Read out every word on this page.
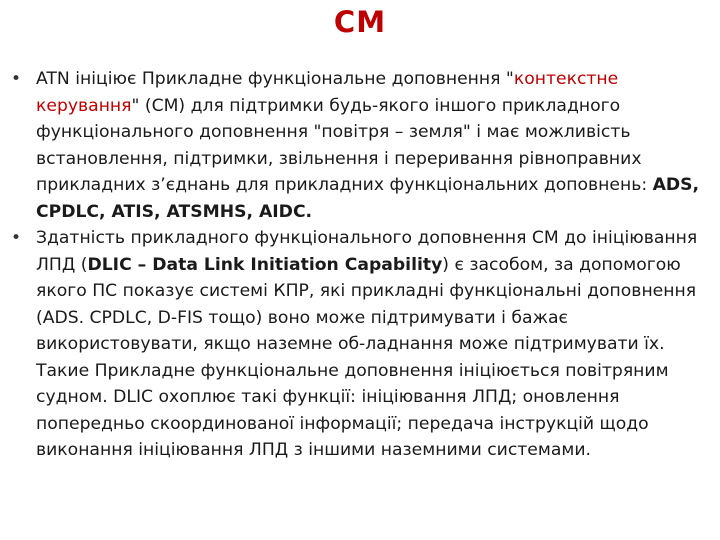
CM
• ATN ініціює Прикладне функціональне доповнення "контекстне керування" (CM) для підтримки будь-якого іншого прикладного функціонального доповнення "повітря – земля" і має можливість встановлення, підтримки, звільнення і переривання рівноправних прикладних з’єднань для прикладних функціональних доповнень: ADS, CPDLC, ATIS, ATSMHS, AIDC.
• Здатність прикладного функціонального доповнення CM до ініціювання ЛПД (DLIC – Data Link Initiation Capability) є засобом, за допомогою якого ПС показує системі КПР, які прикладні функціональні доповнення (ADS. CPDLC, D-FIS тощо) воно може підтримувати і бажає використовувати, якщо наземне об-ладнання може підтримувати їх. Такие Прикладне функціональне доповнення ініціюється повітряним судном. DLIC охоплює такі функції: ініціювання ЛПД; оновлення попередньо скоординованої інформації; передача інструкцій щодо виконання ініціювання ЛПД з іншими наземними системами.
